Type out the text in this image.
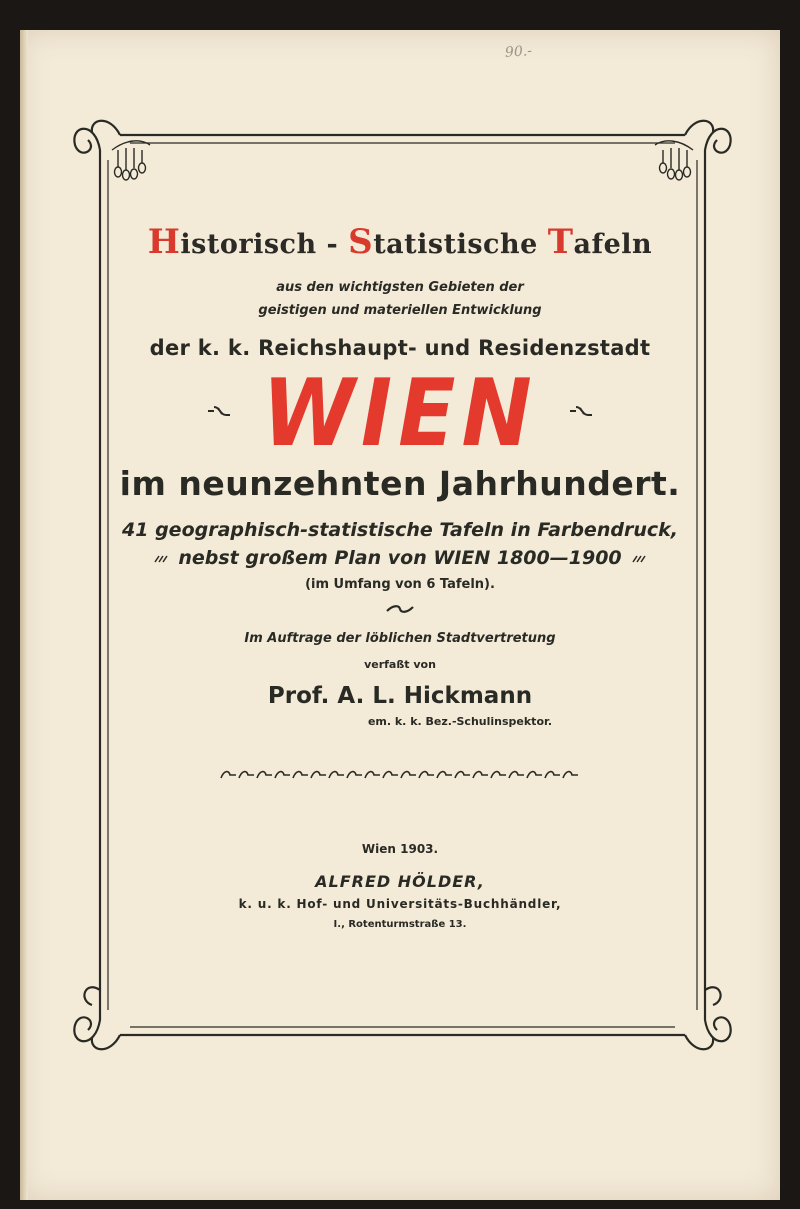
90.-
Historisch - Statistische Tafeln
aus den wichtigsten Gebieten der
geistigen und materiellen Entwicklung
der k. k. Reichshaupt- und Residenzstadt
WIEN
im neunzehnten Jahrhundert.
41 geographisch-statistische Tafeln in Farbendruck,
nebst großem Plan von WIEN 1800—1900
(im Umfang von 6 Tafeln).
Im Auftrage der löblichen Stadtvertretung
verfaßt von
Prof. A. L. Hickmann
em. k. k. Bez.-Schulinspektor.
Wien 1903.
ALFRED HÖLDER,
k. u. k. Hof- und Universitäts-Buchhändler,
I., Rotenturmstraße 13.
